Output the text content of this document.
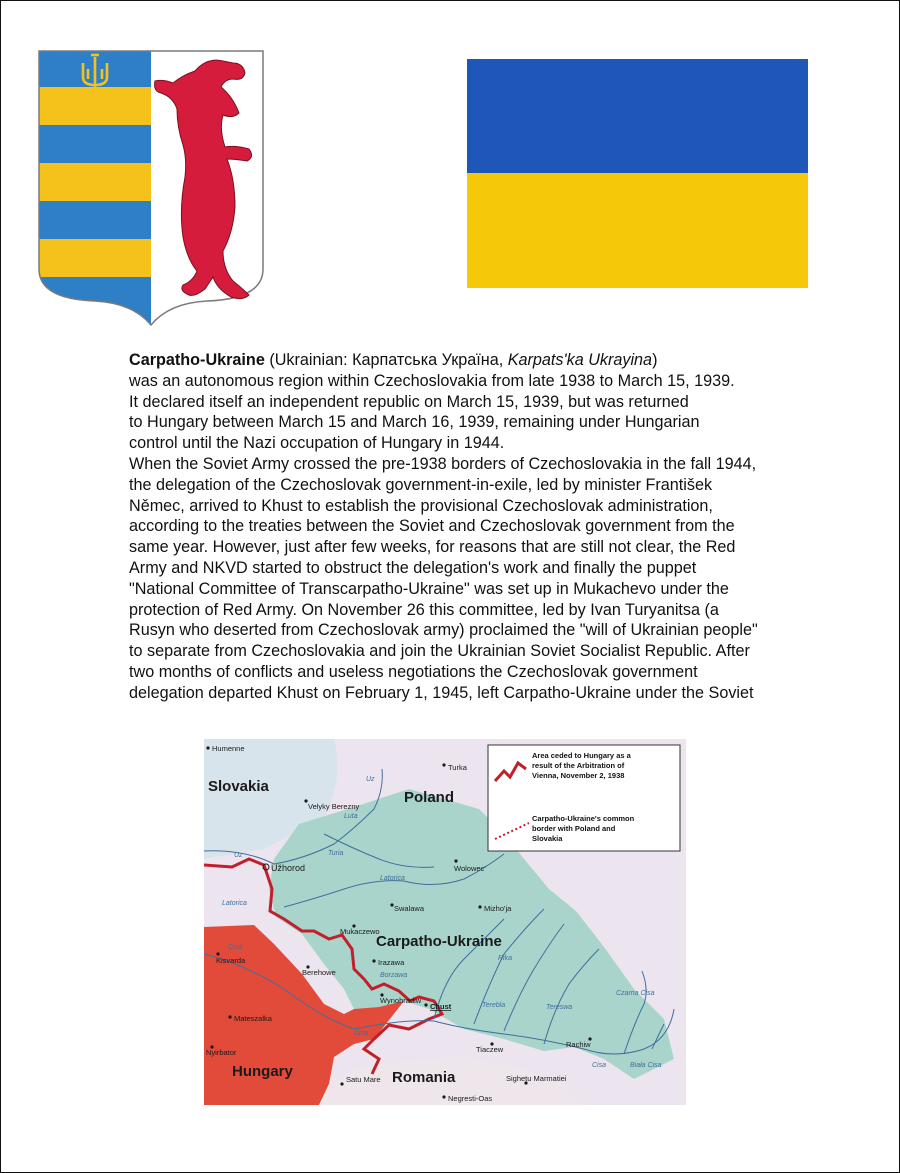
Carpatho-Ukraine (Ukrainian: Карпатська Україна, Karpats'ka Ukrayina)

was an autonomous region within Czechoslovakia from late 1938 to March 15, 1939.

It declared itself an independent republic on March 15, 1939, but was returned

to Hungary between March 15 and March 16, 1939, remaining under Hungarian

control until the Nazi occupation of Hungary in 1944.

When the Soviet Army crossed the pre-1938 borders of Czechoslovakia in the fall 1944,

the delegation of the Czechoslovak government-in-exile, led by minister František

Němec, arrived to Khust to establish the provisional Czechoslovak administration,

according to the treaties between the Soviet and Czechoslovak government from the

same year. However, just after few weeks, for reasons that are still not clear, the Red

Army and NKVD started to obstruct the delegation's work and finally the puppet

"National Committee of Transcarpatho-Ukraine" was set up in Mukachevo under the

protection of Red Army. On November 26 this committee, led by Ivan Turyanitsa (a

Rusyn who deserted from Czechoslovak army) proclaimed the "will of Ukrainian people"

to separate from Czechoslovakia and join the Ukrainian Soviet Socialist Republic. After

two months of conflicts and useless negotiations the Czechoslovak government

delegation departed Khust on February 1, 1945, left Carpatho-Ukraine under the Soviet

Area ceded to Hungary as a
result of the Arbitration of
Vienna, November 2, 1938
Carpatho-Ukraine's common
border with Poland and
Slovakia
Slovakia
Poland
Carpatho-Ukraine
Hungary	Romania
Humenne
Turka
Velyky Berezny
Užhorod	Wolowec'
Swalawa
Mukaczewo
Mizho'ja
Irazawa
Berehowe
Kisvarda
Wynohradiw
Chust
Tiaczew
Rachiw
Mateszalka
Nyirbator
Satu Mare
Negresti-Oas
Sighetu Marmatiei
Uz
Uz
Luta
Turia
Latorica
Latorica
Cisa
Cisa
Cisa
Rika
Terebla
Borzawa
Tereswa
Czarna Cisa
Biała Cisa
